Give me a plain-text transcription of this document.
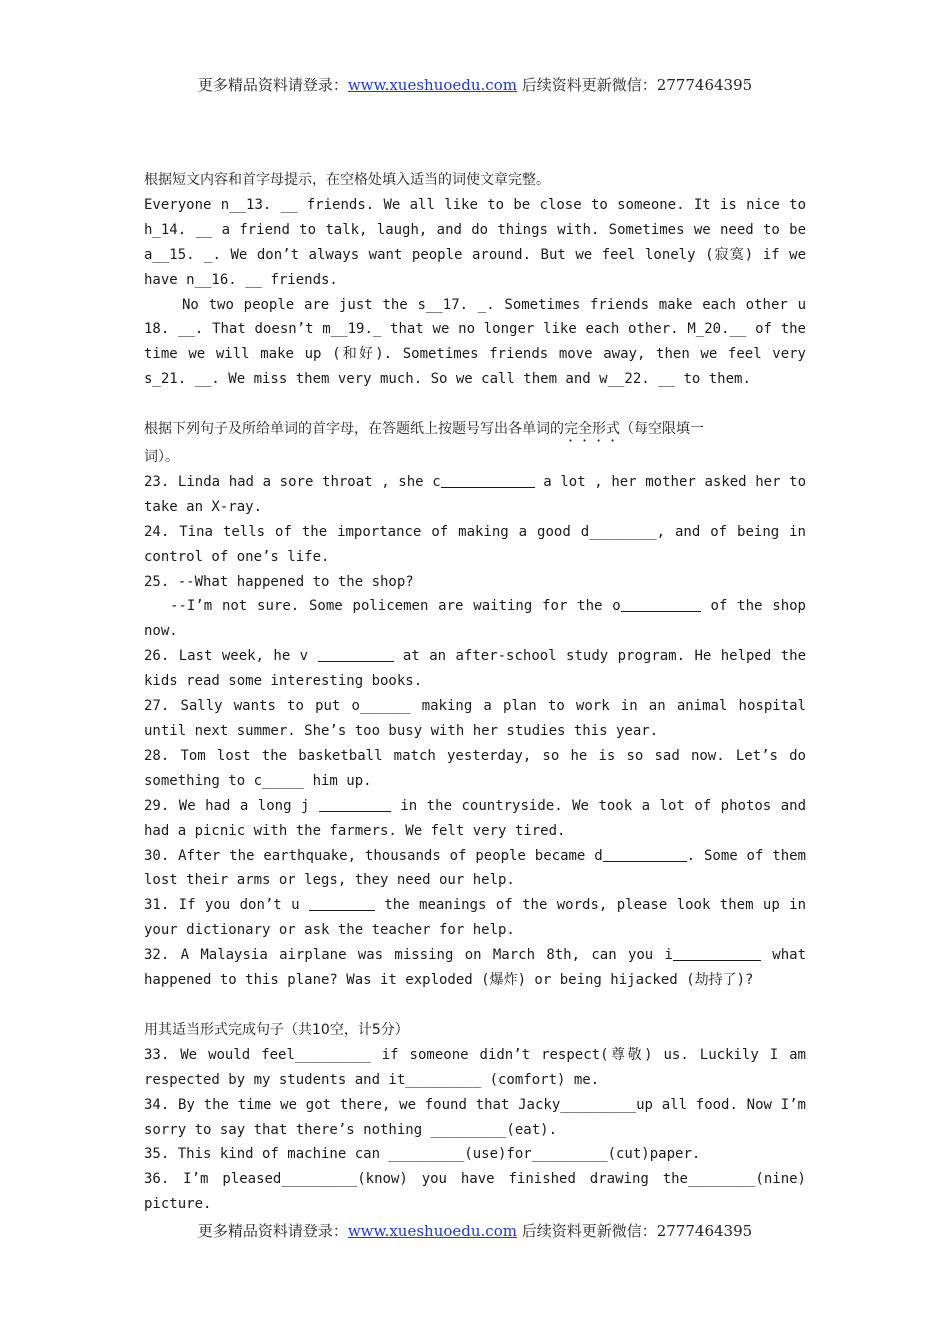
更多精品资料请登录：www.xueshuoedu.com 后续资料更新微信：2777464395

根据短文内容和首字母提示，在空格处填入适当的词使文章完整。

Everyone n__13. __ friends. We all like to be close to someone. It is nice to

h_14. __ a friend to talk, laugh, and do things with. Sometimes we need to be

a__15. _. We don’t always want people around. But we feel lonely (寂寞) if we

have n__16. __ friends.

No two people are just the s__17. _. Sometimes friends make each other u

18. __. That doesn’t m__19._ that we no longer like each other. M_20.__ of the

time we will make up (和好). Sometimes friends move away, then we feel very

s_21. __. We miss them very much. So we call them and w__22. __ to them.

根据下列句子及所给单词的首字母，在答题纸上按题号写出各单词的完全形式（每空限填一

词）。

23. Linda had a sore throat , she c	a lot , her mother asked her to

take an X-ray.

24. Tina tells of the importance of making a good d________, and of being in

control of one’s life.

25. --What happened to the shop?

--I’m not sure. Some policemen are waiting for the o	of the shop

now.

26. Last week, he v	at an after-school study program. He helped the

kids read some interesting books.

27. Sally wants to put o______ making a plan to work in an animal hospital

until next summer. She’s too busy with her studies this year.

28. Tom lost the basketball match yesterday, so he is so sad now. Let’s do

something to c_____ him up.

29. We had a long j	in the countryside. We took a lot of photos and

had a picnic with the farmers. We felt very tired.

30. After the earthquake, thousands of people became d	. Some of them

lost their arms or legs, they need our help.

31. If you don’t u	the meanings of the words, please look them up in

your dictionary or ask the teacher for help.

32. A Malaysia airplane was missing on March 8th, can you i	what

happened to this plane? Was it exploded (爆炸) or being hijacked (劫持了)?

用其适当形式完成句子（共10空，计5分）

33. We would feel_________ if someone didn’t respect(尊敬) us. Luckily I am

respected by my students and it_________ (comfort) me.

34. By the time we got there, we found that Jacky_________up all food. Now I’m

sorry to say that there’s nothing _________(eat).

35. This kind of machine can _________(use)for_________(cut)paper.

36. I’m pleased_________(know) you have finished drawing the________(nine)

picture.

更多精品资料请登录：www.xueshuoedu.com 后续资料更新微信：2777464395
